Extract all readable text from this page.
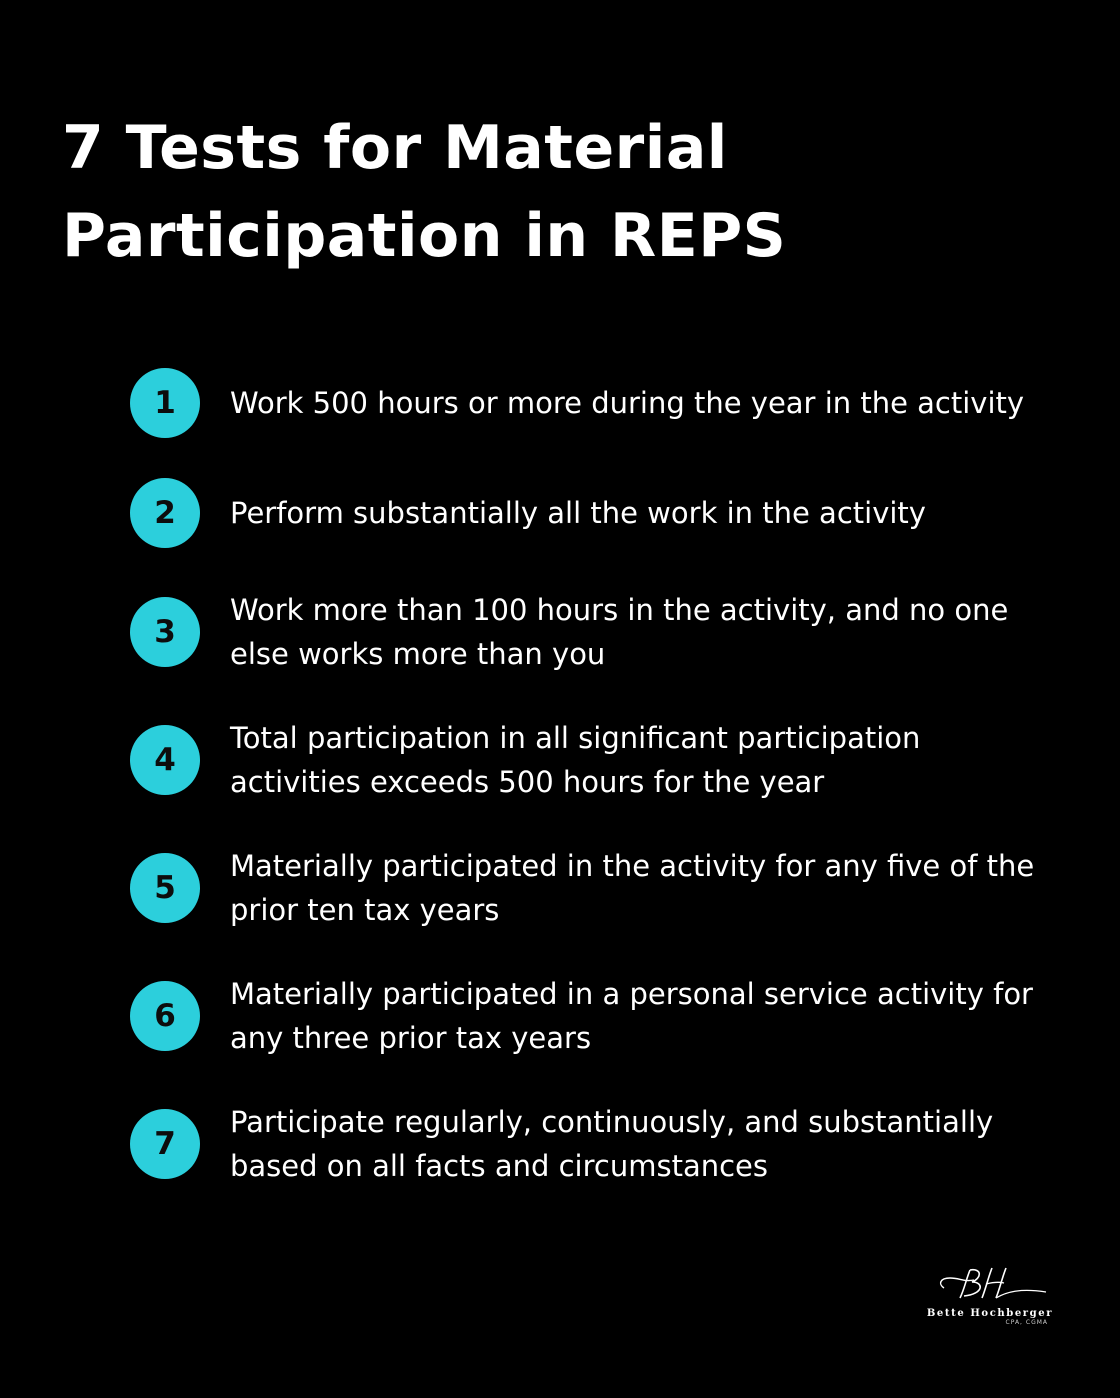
7 Tests for Material Participation in REPS
1	Work 500 hours or more during the year in the activity
2	Perform substantially all the work in the activity
3
Work more than 100 hours in the activity, and no one else works more than you
4
Total participation in all significant participation activities exceeds 500 hours for the year
5
Materially participated in the activity for any five of the prior ten tax years
6
Materially participated in a personal service activity for any three prior tax years
7
Participate regularly, continuously, and substantially based on all facts and circumstances
Bette Hochberger
CPA, CGMA
